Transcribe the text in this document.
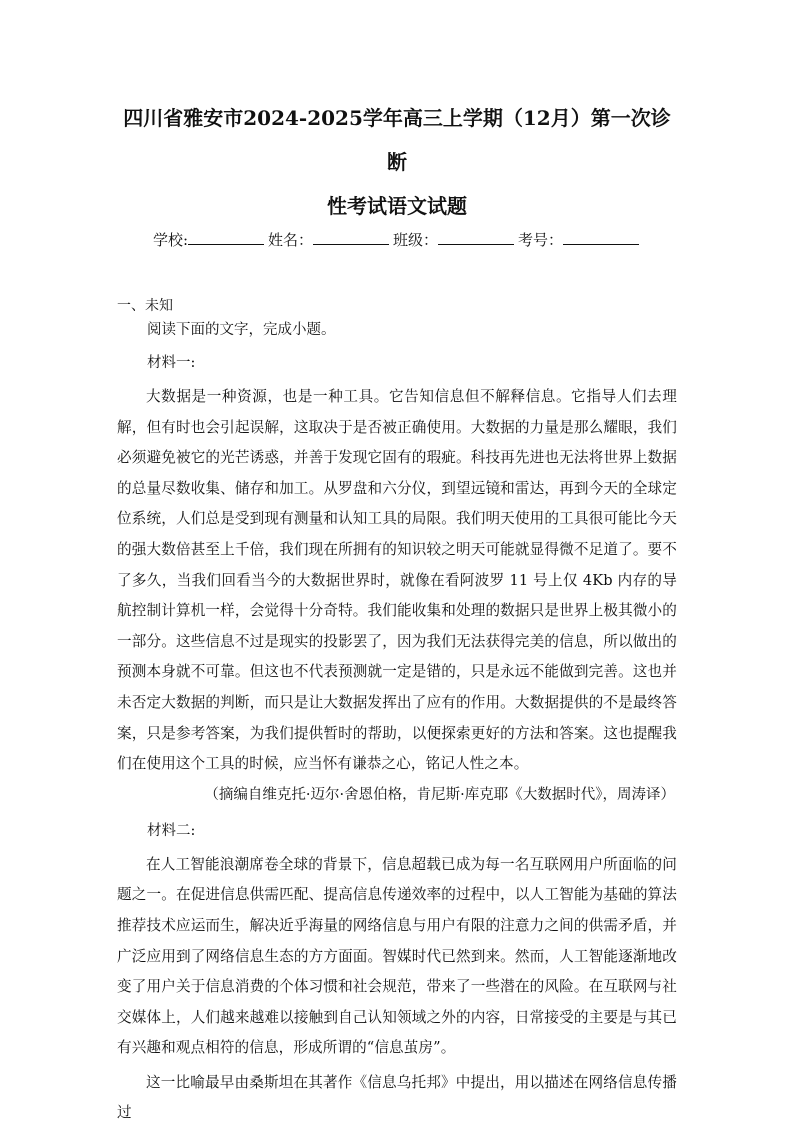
四川省雅安市2024-2025学年高三上学期（12月）第一次诊断
性考试语文试题
学校:	姓名：	班级：	考号：
一、未知

阅读下面的文字，完成小题。

材料一:

大数据是一种资源，也是一种工具。它告知信息但不解释信息。它指导人们去理解，但有时也会引起误解，这取决于是否被正确使用。大数据的力量是那么耀眼，我们必须避免被它的光芒诱惑，并善于发现它固有的瑕疵。科技再先进也无法将世界上数据的总量尽数收集、储存和加工。从罗盘和六分仪，到望远镜和雷达，再到今天的全球定位系统，人们总是受到现有测量和认知工具的局限。我们明天使用的工具很可能比今天的强大数倍甚至上千倍，我们现在所拥有的知识较之明天可能就显得微不足道了。要不了多久，当我们回看当今的大数据世界时，就像在看阿波罗 11 号上仅 4Kb 内存的导航控制计算机一样，会觉得十分奇特。我们能收集和处理的数据只是世界上极其微小的一部分。这些信息不过是现实的投影罢了，因为我们无法获得完美的信息，所以做出的预测本身就不可靠。但这也不代表预测就一定是错的，只是永远不能做到完善。这也并未否定大数据的判断，而只是让大数据发挥出了应有的作用。大数据提供的不是最终答案，只是参考答案，为我们提供暂时的帮助，以便探索更好的方法和答案。这也提醒我们在使用这个工具的时候，应当怀有谦恭之心，铭记人性之本。

（摘编自维克托·迈尔·舍恩伯格，肯尼斯·库克耶《大数据时代》，周涛译）

材料二:

在人工智能浪潮席卷全球的背景下，信息超载已成为每一名互联网用户所面临的问题之一。在促进信息供需匹配、提高信息传递效率的过程中，以人工智能为基础的算法推荐技术应运而生，解决近乎海量的网络信息与用户有限的注意力之间的供需矛盾，并广泛应用到了网络信息生态的方方面面。智媒时代已然到来。然而，人工智能逐渐地改变了用户关于信息消费的个体习惯和社会规范，带来了一些潜在的风险。在互联网与社交媒体上，人们越来越难以接触到自己认知领域之外的内容，日常接受的主要是与其已有兴趣和观点相符的信息，形成所谓的“信息茧房”。

这一比喻最早由桑斯坦在其著作《信息乌托邦》中提出，用以描述在网络信息传播过
